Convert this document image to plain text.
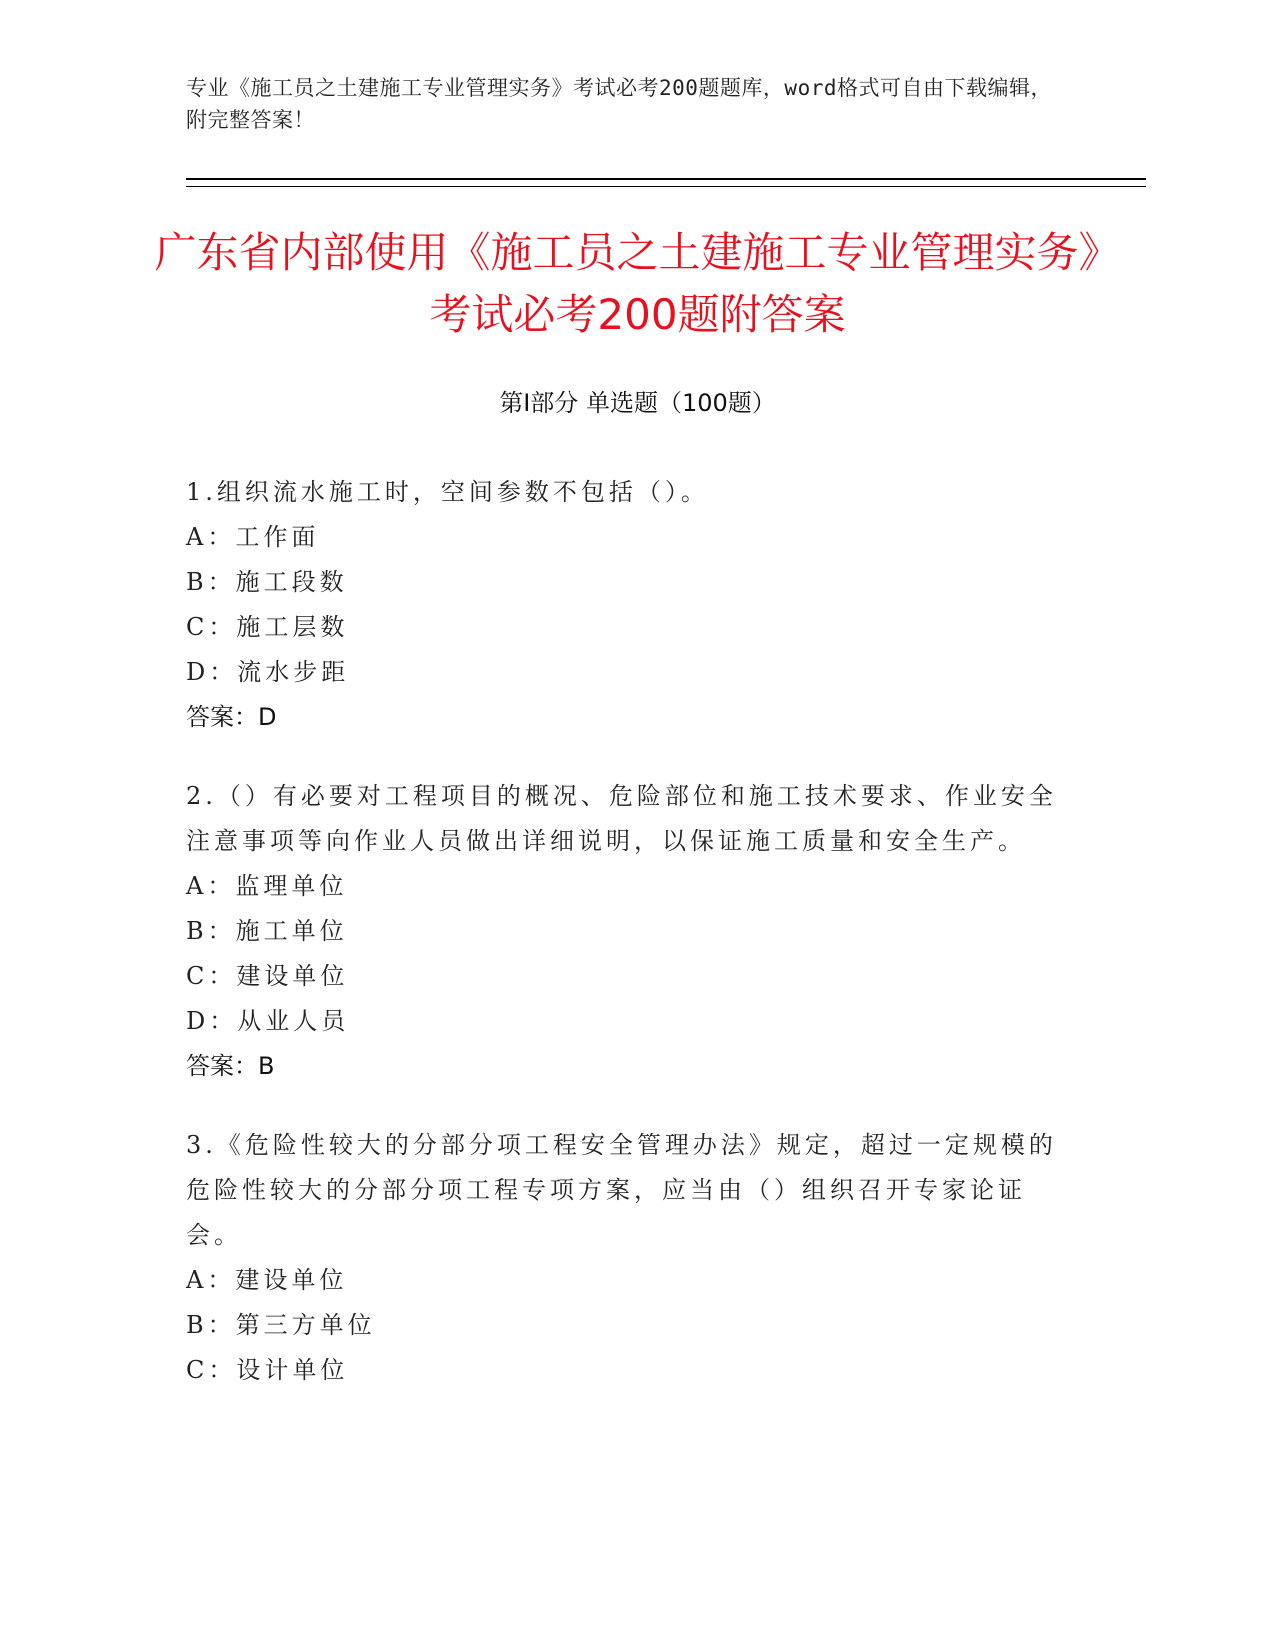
专业《施工员之土建施工专业管理实务》考试必考200题题库，word格式可自由下载编辑，附完整答案！
广东省内部使用《施工员之土建施工专业管理实务》考试必考200题附答案
第Ⅰ部分 单选题（100题）
1.组织流水施工时，空间参数不包括（）。
A：工作面
B：施工段数
C：施工层数
D：流水步距
答案：D
2.（）有必要对工程项目的概况、危险部位和施工技术要求、作业安全注意事项等向作业人员做出详细说明，以保证施工质量和安全生产。
A：监理单位
B：施工单位
C：建设单位
D：从业人员
答案：B
3.《危险性较大的分部分项工程安全管理办法》规定，超过一定规模的危险性较大的分部分项工程专项方案，应当由（）组织召开专家论证会。
A：建设单位
B：第三方单位
C：设计单位
